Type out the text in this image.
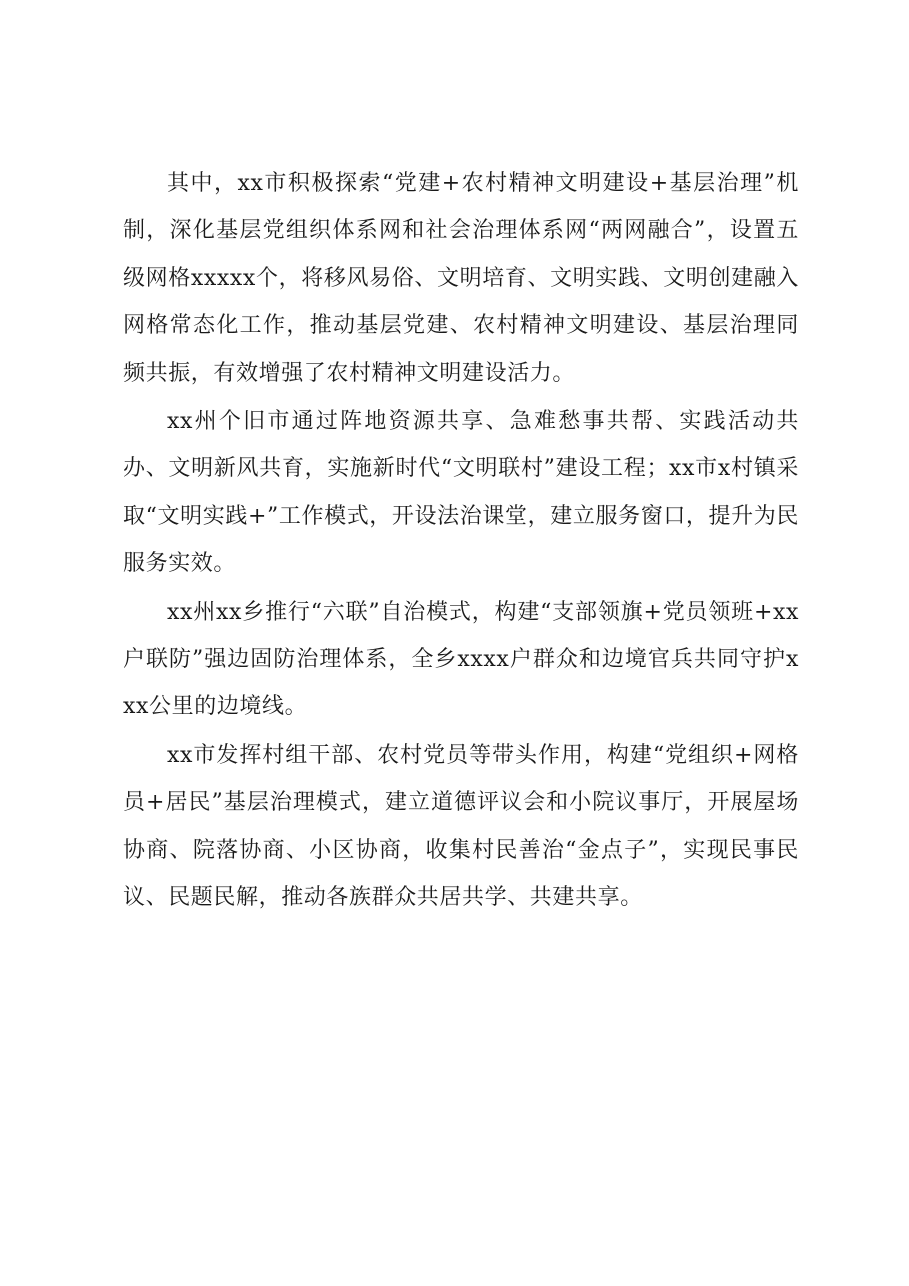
其中，xx市积极探索“党建+农村精神文明建设+基层治理”机制，深化基层党组织体系网和社会治理体系网“两网融合”，设置五级网格xxxxx个，将移风易俗、文明培育、文明实践、文明创建融入网格常态化工作，推动基层党建、农村精神文明建设、基层治理同频共振，有效增强了农村精神文明建设活力。

xx州个旧市通过阵地资源共享、急难愁事共帮、实践活动共办、文明新风共育，实施新时代“文明联村”建设工程；xx市x村镇采取“文明实践+”工作模式，开设法治课堂，建立服务窗口，提升为民服务实效。

xx州xx乡推行“六联”自治模式，构建“支部领旗+党员领班+xx户联防”强边固防治理体系，全乡xxxx户群众和边境官兵共同守护xxx公里的边境线。

xx市发挥村组干部、农村党员等带头作用，构建“党组织+网格员+居民”基层治理模式，建立道德评议会和小院议事厅，开展屋场协商、院落协商、小区协商，收集村民善治“金点子”，实现民事民议、民题民解，推动各族群众共居共学、共建共享。
